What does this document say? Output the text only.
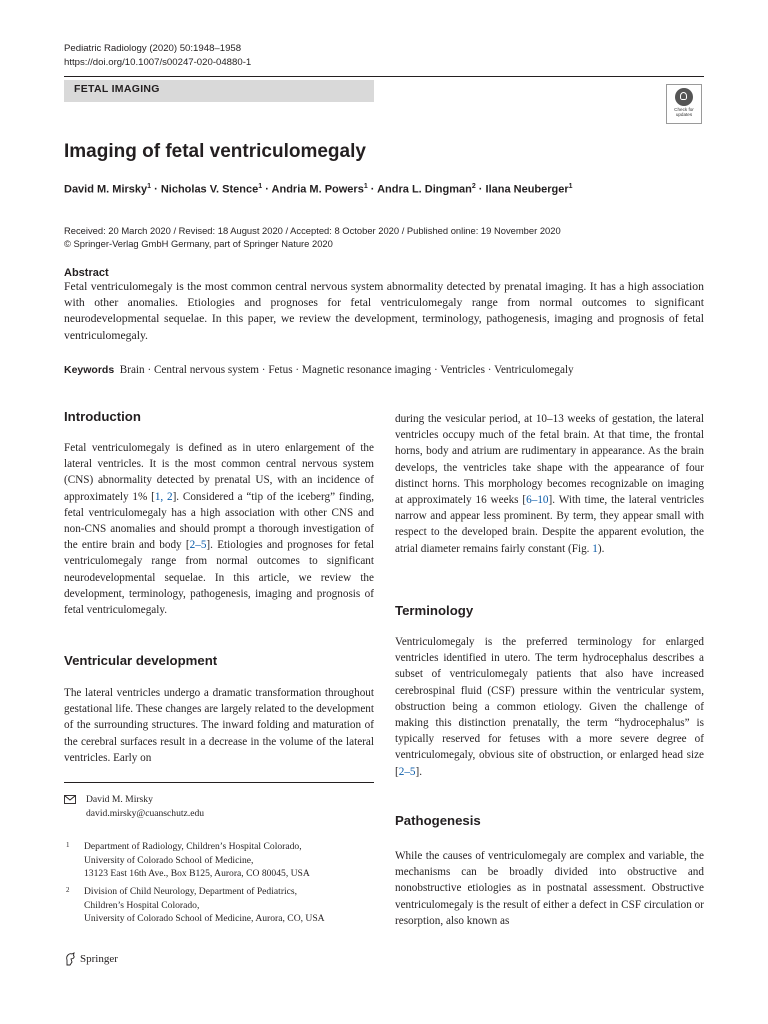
Pediatric Radiology (2020) 50:1948–1958
https://doi.org/10.1007/s00247-020-04880-1
FETAL IMAGING
Check for
updates
Imaging of fetal ventriculomegaly
David M. Mirsky$^1$ · Nicholas V. Stence$^1$ · Andria M. Powers$^1$ · Andra L. Dingman$^2$ · Ilana Neuberger$^1$
Received: 20 March 2020 / Revised: 18 August 2020 / Accepted: 8 October 2020 / Published online: 19 November 2020
© Springer-Verlag GmbH Germany, part of Springer Nature 2020
Abstract
Fetal ventriculomegaly is the most common central nervous system abnormality detected by prenatal imaging. It has a high association with other anomalies. Etiologies and prognoses for fetal ventriculomegaly range from normal outcomes to significant neurodevelopmental sequelae. In this paper, we review the development, terminology, pathogenesis, imaging and prognosis of fetal ventriculomegaly.
Keywords Brain · Central nervous system · Fetus · Magnetic resonance imaging · Ventricles · Ventriculomegaly
Introduction
Fetal ventriculomegaly is defined as in utero enlargement of the lateral ventricles. It is the most common central nervous system (CNS) abnormality detected by prenatal US, with an incidence of approximately 1% [1, 2]. Considered a “tip of the iceberg” finding, fetal ventriculomegaly has a high association with other CNS and non-CNS anomalies and should prompt a thorough investigation of the entire brain and body [2–5]. Etiologies and prognoses for fetal ventriculomegaly range from normal outcomes to significant neurodevelopmental sequelae. In this article, we review the development, terminology, pathogenesis, imaging and prognosis of fetal ventriculomegaly.
Ventricular development
The lateral ventricles undergo a dramatic transformation throughout gestational life. These changes are largely related to the development of the surrounding structures. The inward folding and maturation of the cerebral surfaces result in a decrease in the volume of the lateral ventricles. Early on
David M. Mirsky
david.mirsky@cuanschutz.edu
1 Department of Radiology, Children’s Hospital Colorado,
University of Colorado School of Medicine,
13123 East 16th Ave., Box B125, Aurora, CO 80045, USA
2 Division of Child Neurology, Department of Pediatrics,
Children’s Hospital Colorado,
University of Colorado School of Medicine, Aurora, CO, USA
Springer
during the vesicular period, at 10–13 weeks of gestation, the lateral ventricles occupy much of the fetal brain. At that time, the frontal horns, body and atrium are rudimentary in appearance. As the brain develops, the ventricles take shape with the appearance of four distinct horns. This morphology becomes recognizable on imaging at approximately 16 weeks [6–10]. With time, the lateral ventricles narrow and appear less prominent. By term, they appear small with respect to the developed brain. Despite the apparent evolution, the atrial diameter remains fairly constant (Fig. 1).
Terminology
Ventriculomegaly is the preferred terminology for enlarged ventricles identified in utero. The term hydrocephalus describes a subset of ventriculomegaly patients that also have increased cerebrospinal fluid (CSF) pressure within the ventricular system, obstruction being a common etiology. Given the challenge of making this distinction prenatally, the term “hydrocephalus” is typically reserved for fetuses with a more severe degree of ventriculomegaly, obvious site of obstruction, or enlarged head size [2–5].
Pathogenesis
While the causes of ventriculomegaly are complex and variable, the mechanisms can be broadly divided into obstructive and nonobstructive etiologies as in postnatal assessment. Obstructive ventriculomegaly is the result of either a defect in CSF circulation or resorption, also known as
